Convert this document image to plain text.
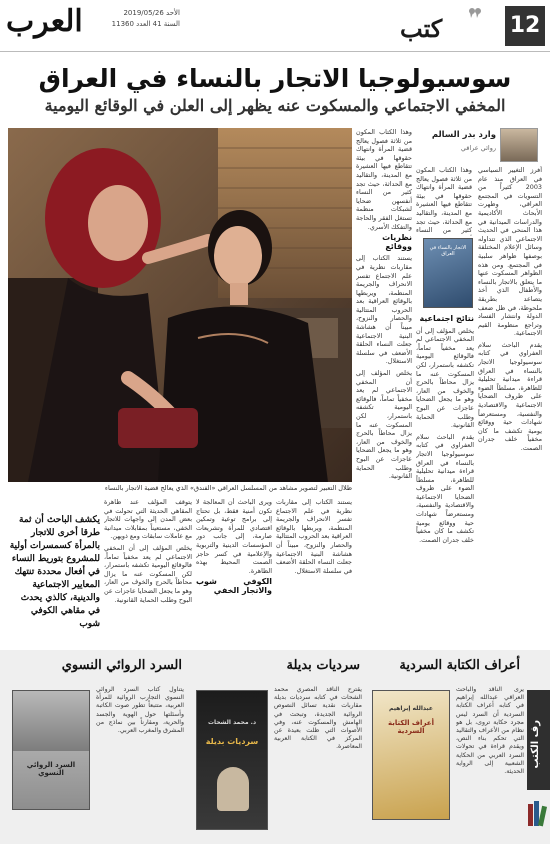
العرب	الأحد 2019/05/26
السنة 41 العدد 11360	كتب	12
سوسيولوجيا الاتجار بالنساء في العراق
المخفي الاجتماعي والمسكوت عنه يظهر إلى العلن في الوقائع اليومية
ظلال التعبير لتصوير مشاهد من المسلسل العراقي «الفندق» الذي يعالج قضية الاتجار بالنساء
وارد بدر السالم
روائي عراقي

أفرز التغيير السياسي في العراق منذ عام 2003 كثيراً من التسويات في المجتمع العراقي، وظهرت الأبحاث الأكاديمية والدراسات الميدانية في هذا المنحى في الحديث الاجتماعي الذي تتداوله وسائل الإعلام المختلفة بوصفها ظواهر سلبية في المجتمع. ومن هذه الظواهر المسكوت عنها ما يتعلق بالاتجار بالنساء والأطفال الذي أخذ يتصاعد بطريقة ملحوظة، في ظل ضعف الدولة وانتشار الفساد وتراجع منظومة القيم الاجتماعية.

يقدم الباحث سلام العفراوي في كتابه سوسيولوجيا الاتجار بالنساء في العراق قراءة ميدانية تحليلية للظاهرة، مسلطاً الضوء على ظروف الضحايا الاجتماعية والاقتصادية والنفسية، ومستعرضاً شهادات حية ووقائع يومية تكشف ما كان مخفياً خلف جدران الصمت.

الاتجار بالنساء في العراق

وهذا الكتاب المكون من ثلاثة فصول يعالج قضية المرأة وانتهاك حقوقها في بيئة تتقاطع فيها العشيرة مع المدينة، والتقاليد مع الحداثة، حيث تجد كثير من النساء

نتائج اجتماعية

يخلص المؤلف إلى أن المخفي الاجتماعي لم يعد مخفياً تماماً، فالوقائع اليومية تكشفه باستمرار، لكن المسكوت عنه ما يزال محاطاً بالحرج والخوف من العار، وهو ما يجعل الضحايا عاجزات عن البوح وطلب الحماية القانونية.

يقدم الباحث سلام العفراوي في كتابه سوسيولوجيا الاتجار بالنساء في العراق قراءة ميدانية تحليلية للظاهرة، مسلطاً الضوء على ظروف الضحايا الاجتماعية والاقتصادية والنفسية، ومستعرضاً شهادات حية ووقائع يومية تكشف ما كان مخفياً خلف جدران الصمت.

وهذا الكتاب المكون من ثلاثة فصول يعالج قضية المرأة وانتهاك حقوقها في بيئة تتقاطع فيها العشيرة مع المدينة، والتقاليد مع الحداثة، حيث تجد كثير من النساء أنفسهن ضحايا لشبكات منظمة تستغل الفقر والحاجة والتفكك الأسري.

نظريات ووقائع

يستند الكتاب إلى مقاربات نظرية في علم الاجتماع تفسر الانحراف والجريمة المنظمة، ويربطها بالوقائع العراقية بعد الحروب المتتالية والحصار والنزوح، مبيناً أن هشاشة البنية الاجتماعية جعلت النساء الحلقة الأضعف في سلسلة الاستغلال.

يخلص المؤلف إلى أن المخفي الاجتماعي لم يعد مخفياً تماماً، فالوقائع اليومية تكشفه باستمرار، لكن المسكوت عنه ما يزال محاطاً بالحرج والخوف من العار، وهو ما يجعل الضحايا عاجزات عن البوح وطلب الحماية القانونية.

يستند الكتاب إلى مقاربات نظرية في علم الاجتماع تفسر الانحراف والجريمة المنظمة، ويربطها بالوقائع العراقية بعد الحروب المتتالية والحصار والنزوح، مبيناً أن هشاشة البنية الاجتماعية جعلت النساء الحلقة الأضعف في سلسلة الاستغلال.

ويرى الباحث أن المعالجة لا تكون أمنية فقط، بل تحتاج إلى برامج توعية وتمكين اقتصادي للمرأة وتشريعات صارمة، إلى جانب دور المؤسسات الدينية والتربوية والإعلامية في كسر حاجز الصمت المحيط بهذه الظاهرة.

الكوفي شوب والاتجار الخفي

يتوقف المؤلف عند ظاهرة المقاهي الحديثة التي تحولت في بعض المدن إلى واجهات للاتجار الخفي، مستعيناً بمقابلات ميدانية مع عاملات سابقات ومع ذويهن.

يخلص المؤلف إلى أن المخفي الاجتماعي لم يعد مخفياً تماماً، فالوقائع اليومية تكشفه باستمرار، لكن المسكوت عنه ما يزال محاطاً بالحرج والخوف من العار، وهو ما يجعل الضحايا عاجزات عن البوح وطلب الحماية القانونية.

يكشف الباحث أن ثمة طرقا أخرى للاتجار بالمرأة كسمسرات أولية للمشروع بتوريط النساء في أفعال محددة تنتهك المعايير الاجتماعية والدينية، كالذي يحدث في مقاهي الكوفي شوب
رف الكتب
أعراف الكتابة السردية
يرى الناقد والباحث العراقي عبدالله إبراهيم في كتابه أعراف الكتابة السردية أن السرد ليس مجرد حكاية تروى، بل هو نظام من الأعراف والتقاليد التي تحكم بناء النص، ويقدم قراءة في تحولات السرد العربي من الحكاية الشعبية إلى الرواية الحديثة.
عبدالله إبراهيم
أعراف الكتابة السردية
سرديات بديلة
يقترح الناقد المصري محمد الشحات في كتابه سرديات بديلة مقاربات نقدية تسائل النصوص الروائية الجديدة، وتبحث في الهامش والمسكوت عنه، وفي الأصوات التي ظلت بعيدة عن المركز في الكتابة العربية المعاصرة.
د. محمد الشحات
سرديات بديلة
السرد الروائي النسوي
يتناول كتاب السرد الروائي النسوي التجارب الروائية للمرأة العربية، متتبعاً تطور صوت الكاتبة وأسئلتها حول الهوية والجسد والحرية، ومقارناً بين نماذج من المشرق والمغرب العربي.
السرد الروائي النسوي
